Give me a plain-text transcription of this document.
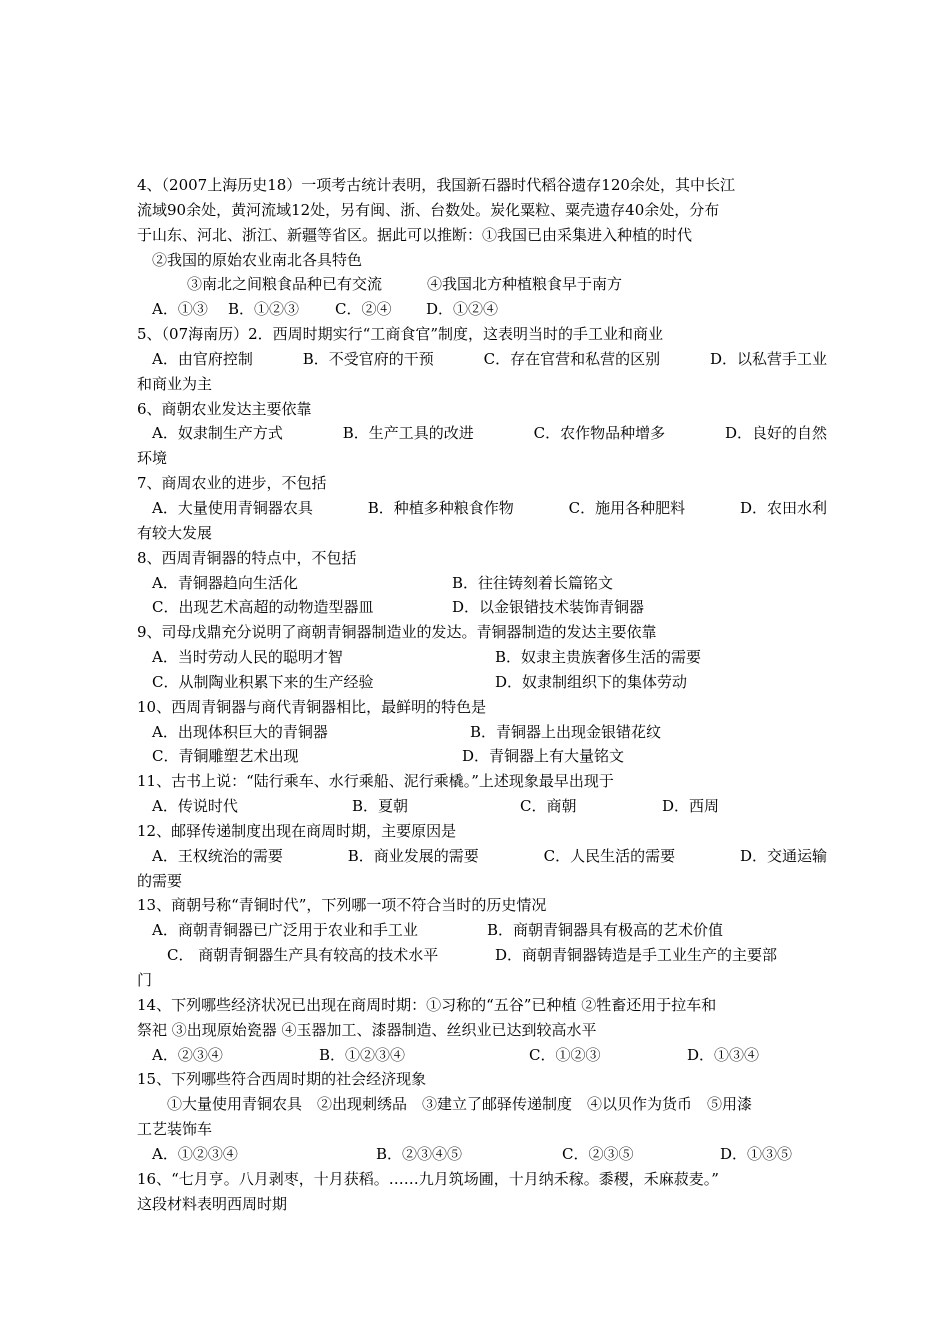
4、（2007上海历史18）一项考古统计表明，我国新石器时代稻谷遗存120余处，其中长江
流域90余处，黄河流域12处，另有闽、浙、台数处。炭化粟粒、粟壳遗存40余处，分布
于山东、河北、浙江、新疆等省区。据此可以推断：①我国已由采集进入种植的时代
②我国的原始农业南北各具特色
③南北之间粮食品种已有交流　　　④我国北方种植粮食早于南方
A．①③	B．①②③	C．②④	D．①②④
5、（07海南历）2．西周时期实行“工商食官”制度，这表明当时的手工业和商业
A．由官府控制	B．不受官府的干预	C．存在官营和私营的区别	D．以私营手工业
和商业为主
6、商朝农业发达主要依靠
A．奴隶制生产方式	B．生产工具的改进	C．农作物品种增多	D．良好的自然
环境
7、商周农业的进步，不包括
A．大量使用青铜器农具	B．种植多种粮食作物	C．施用各种肥料	D．农田水利
有较大发展
8、西周青铜器的特点中，不包括
A．青铜器趋向生活化	B．往往铸刻着长篇铭文
C．出现艺术高超的动物造型器皿	D．以金银错技术装饰青铜器
9、司母戊鼎充分说明了商朝青铜器制造业的发达。青铜器制造的发达主要依靠
A．当时劳动人民的聪明才智	B．奴隶主贵族奢侈生活的需要
C．从制陶业积累下来的生产经验	D．奴隶制组织下的集体劳动
10、西周青铜器与商代青铜器相比，最鲜明的特色是
A．出现体积巨大的青铜器	B．青铜器上出现金银错花纹
C．青铜雕塑艺术出现	D．青铜器上有大量铭文
11、古书上说：“陆行乘车、水行乘船、泥行乘橇。”上述现象最早出现于
A．传说时代	B．夏朝	C．商朝	D．西周
12、邮驿传递制度出现在商周时期，主要原因是
A．王权统治的需要	B．商业发展的需要	C．人民生活的需要	D．交通运输
的需要
13、商朝号称“青铜时代”，下列哪一项不符合当时的历史情况
A．商朝青铜器已广泛用于农业和手工业	B．商朝青铜器具有极高的艺术价值
C． 商朝青铜器生产具有较高的技术水平	D．商朝青铜器铸造是手工业生产的主要部
门
14、下列哪些经济状况已出现在商周时期：①习称的“五谷”已种植 ②牲畜还用于拉车和
祭祀 ③出现原始瓷器 ④玉器加工、漆器制造、丝织业已达到较高水平
A．②③④	B．①②③④	C．①②③	D．①③④
15、下列哪些符合西周时期的社会经济现象
①大量使用青铜农具　②出现刺绣品　③建立了邮驿传递制度　④以贝作为货币　⑤用漆
工艺装饰车
A．①②③④	B．②③④⑤	C．②③⑤	D．①③⑤
16、“七月亨。八月剥枣，十月获稻。……九月筑场圃，十月纳禾稼。黍稷，禾麻菽麦。”
这段材料表明西周时期
